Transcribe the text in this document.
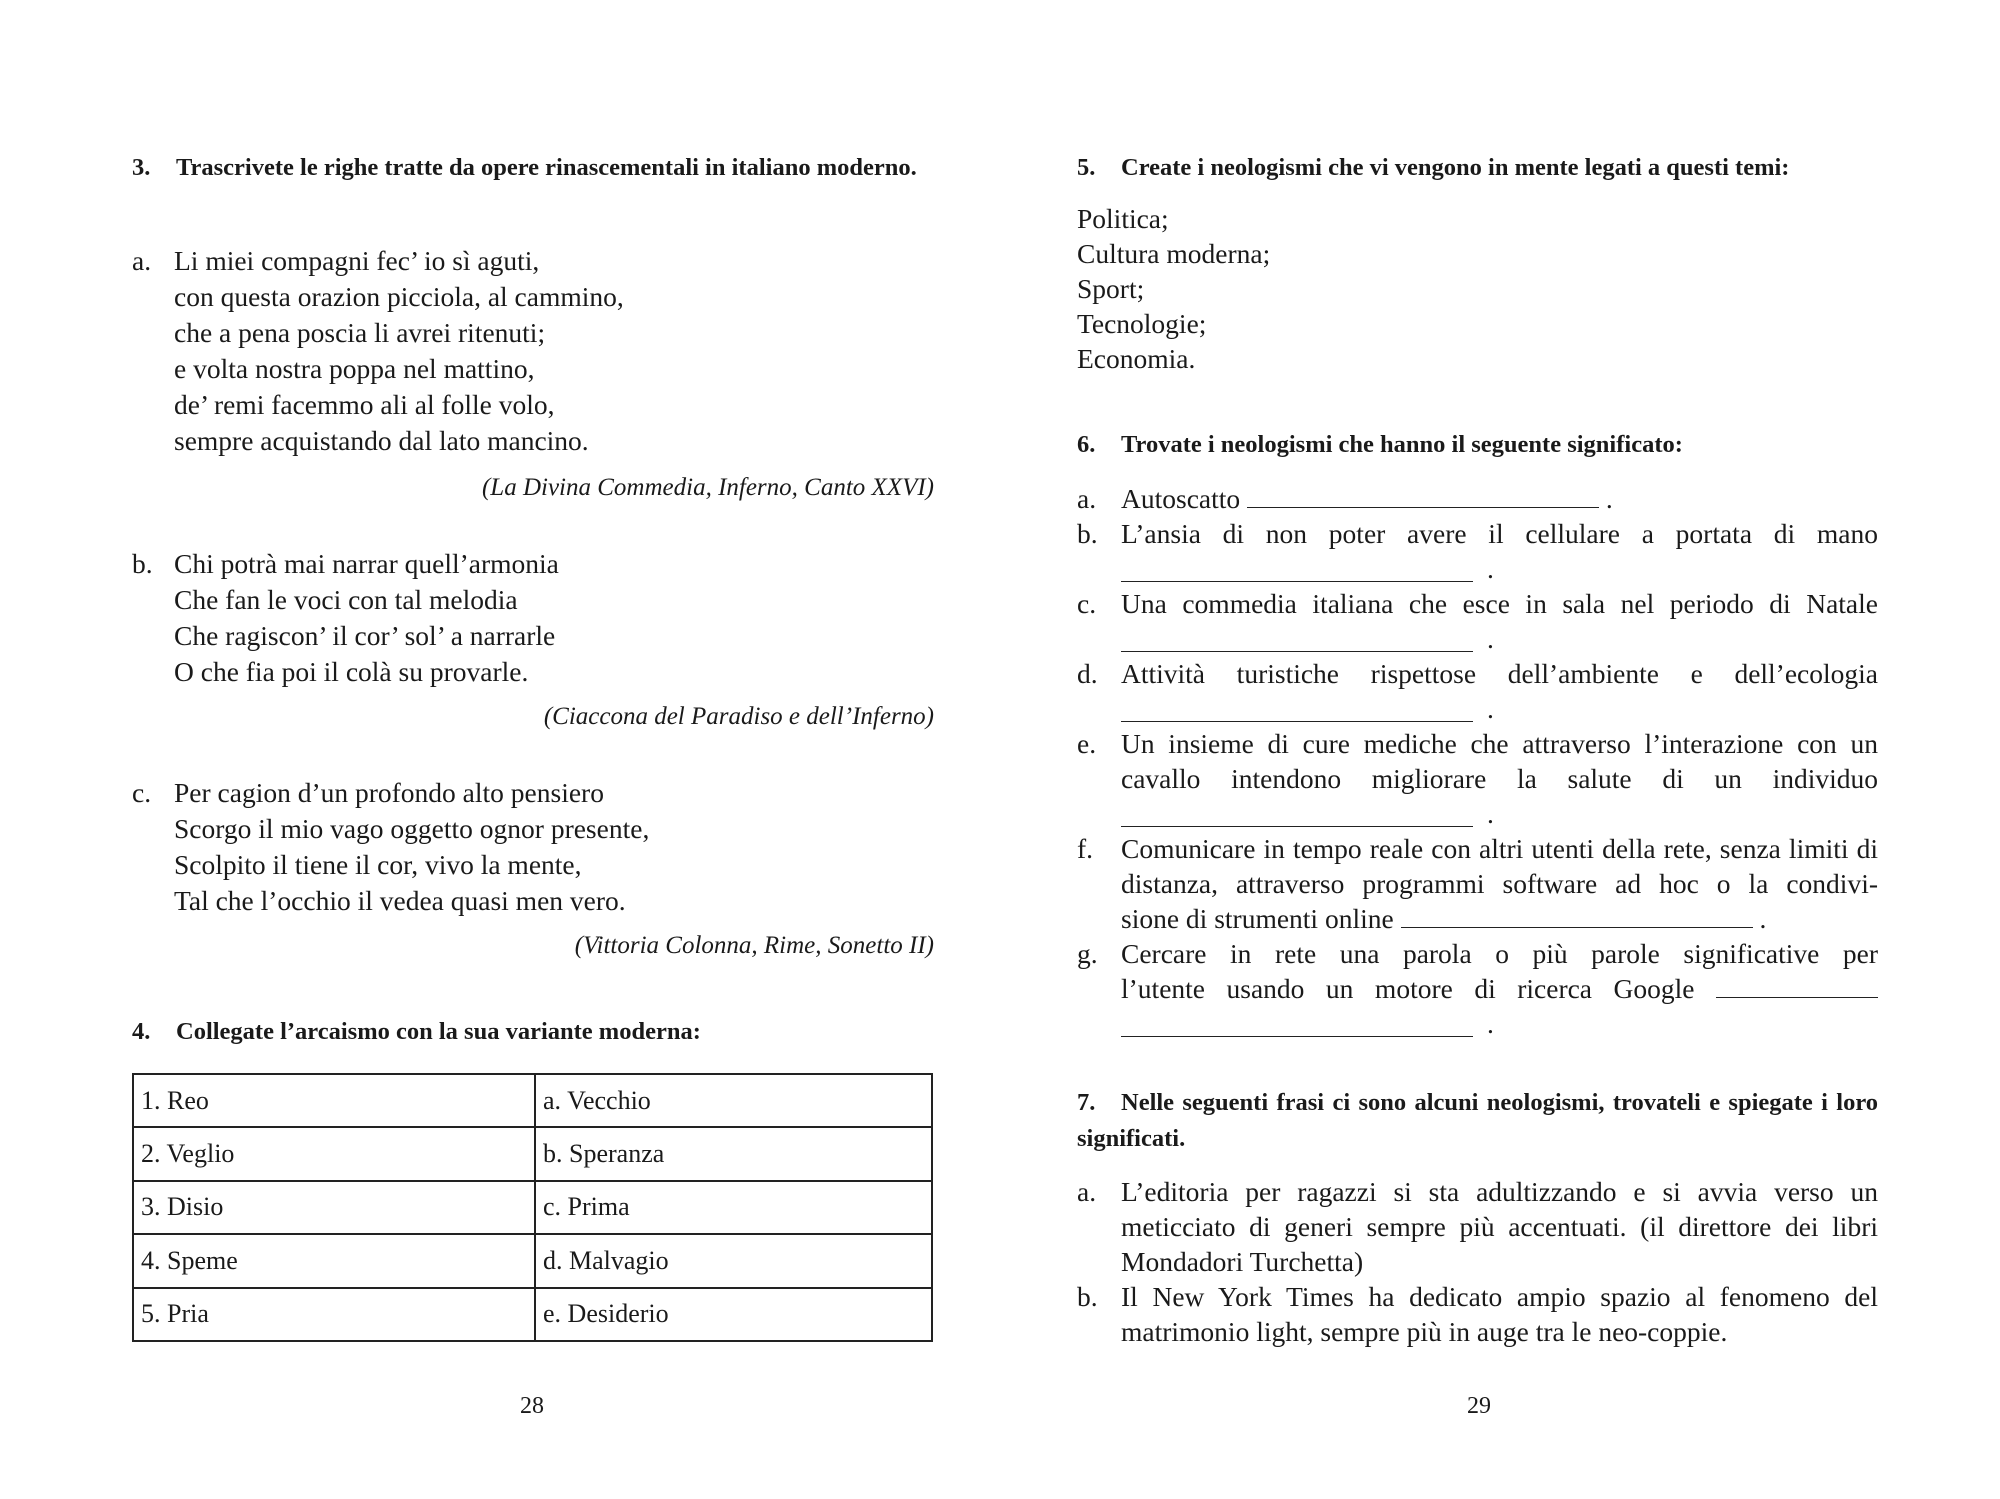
3. Trascrivete le righe tratte da opere rinascementali in italiano moderno.
a. Li miei compagni fec’ io sì aguti,
con questa orazion picciola, al cammino,
che a pena poscia li avrei ritenuti;
e volta nostra poppa nel mattino,
de’ remi facemmo ali al folle volo,
sempre acquistando dal lato mancino.
(La Divina Commedia, Inferno, Canto XXVI)
b. Chi potrà mai narrar quell’armonia
Che fan le voci con tal melodia
Che ragiscon’ il cor’ sol’ a narrarle
O che fia poi il colà su provarle.
(Ciaccona del Paradiso e dell’Inferno)
c. Per cagion d’un profondo alto pensiero
Scorgo il mio vago oggetto ognor presente,
Scolpito il tiene il cor, vivo la mente,
Tal che l’occhio il vedea quasi men vero.
(Vittoria Colonna, Rime, Sonetto II)
4. Collegate l’arcaismo con la sua variante moderna:
1. Reo	a. Vecchio
2. Veglio	b. Speranza
3. Disio	c. Prima
4. Speme	d. Malvagio
5. Pria	e. Desiderio
28
5. Create i neologismi che vi vengono in mente legati a questi temi:
Politica;
Cultura moderna;
Sport;
Tecnologie;
Economia.
6. Trovate i neologismi che hanno il seguente significato:
a. Autoscatto	.
b. L’ansia di non poter avere il cellulare a portata di mano
.
c. Una commedia italiana che esce in sala nel periodo di Natale
.
d. Attività turistiche rispettose dell’ambiente e dell’ecologia
.
e. Un insieme di cure mediche che attraverso l’interazione con un cavallo intendono migliorare la salute di un individuo
.
f. Comunicare in tempo reale con altri utenti della rete, senza limiti di distanza, attraverso programmi software ad hoc o la condivi-
sione di strumenti online	.
g. Cercare in rete una parola o più parole significative per
l’utente usando un motore di ricerca Google
.
7. Nelle seguenti frasi ci sono alcuni neologismi, trovateli e spiegate i loro significati.
a. L’editoria per ragazzi si sta adultizzando e si avvia verso un meticciato di generi sempre più accentuati. (il direttore dei libri Mondadori Turchetta)
b. Il New York Times ha dedicato ampio spazio al fenomeno del matrimonio light, sempre più in auge tra le neo-coppie.
29
